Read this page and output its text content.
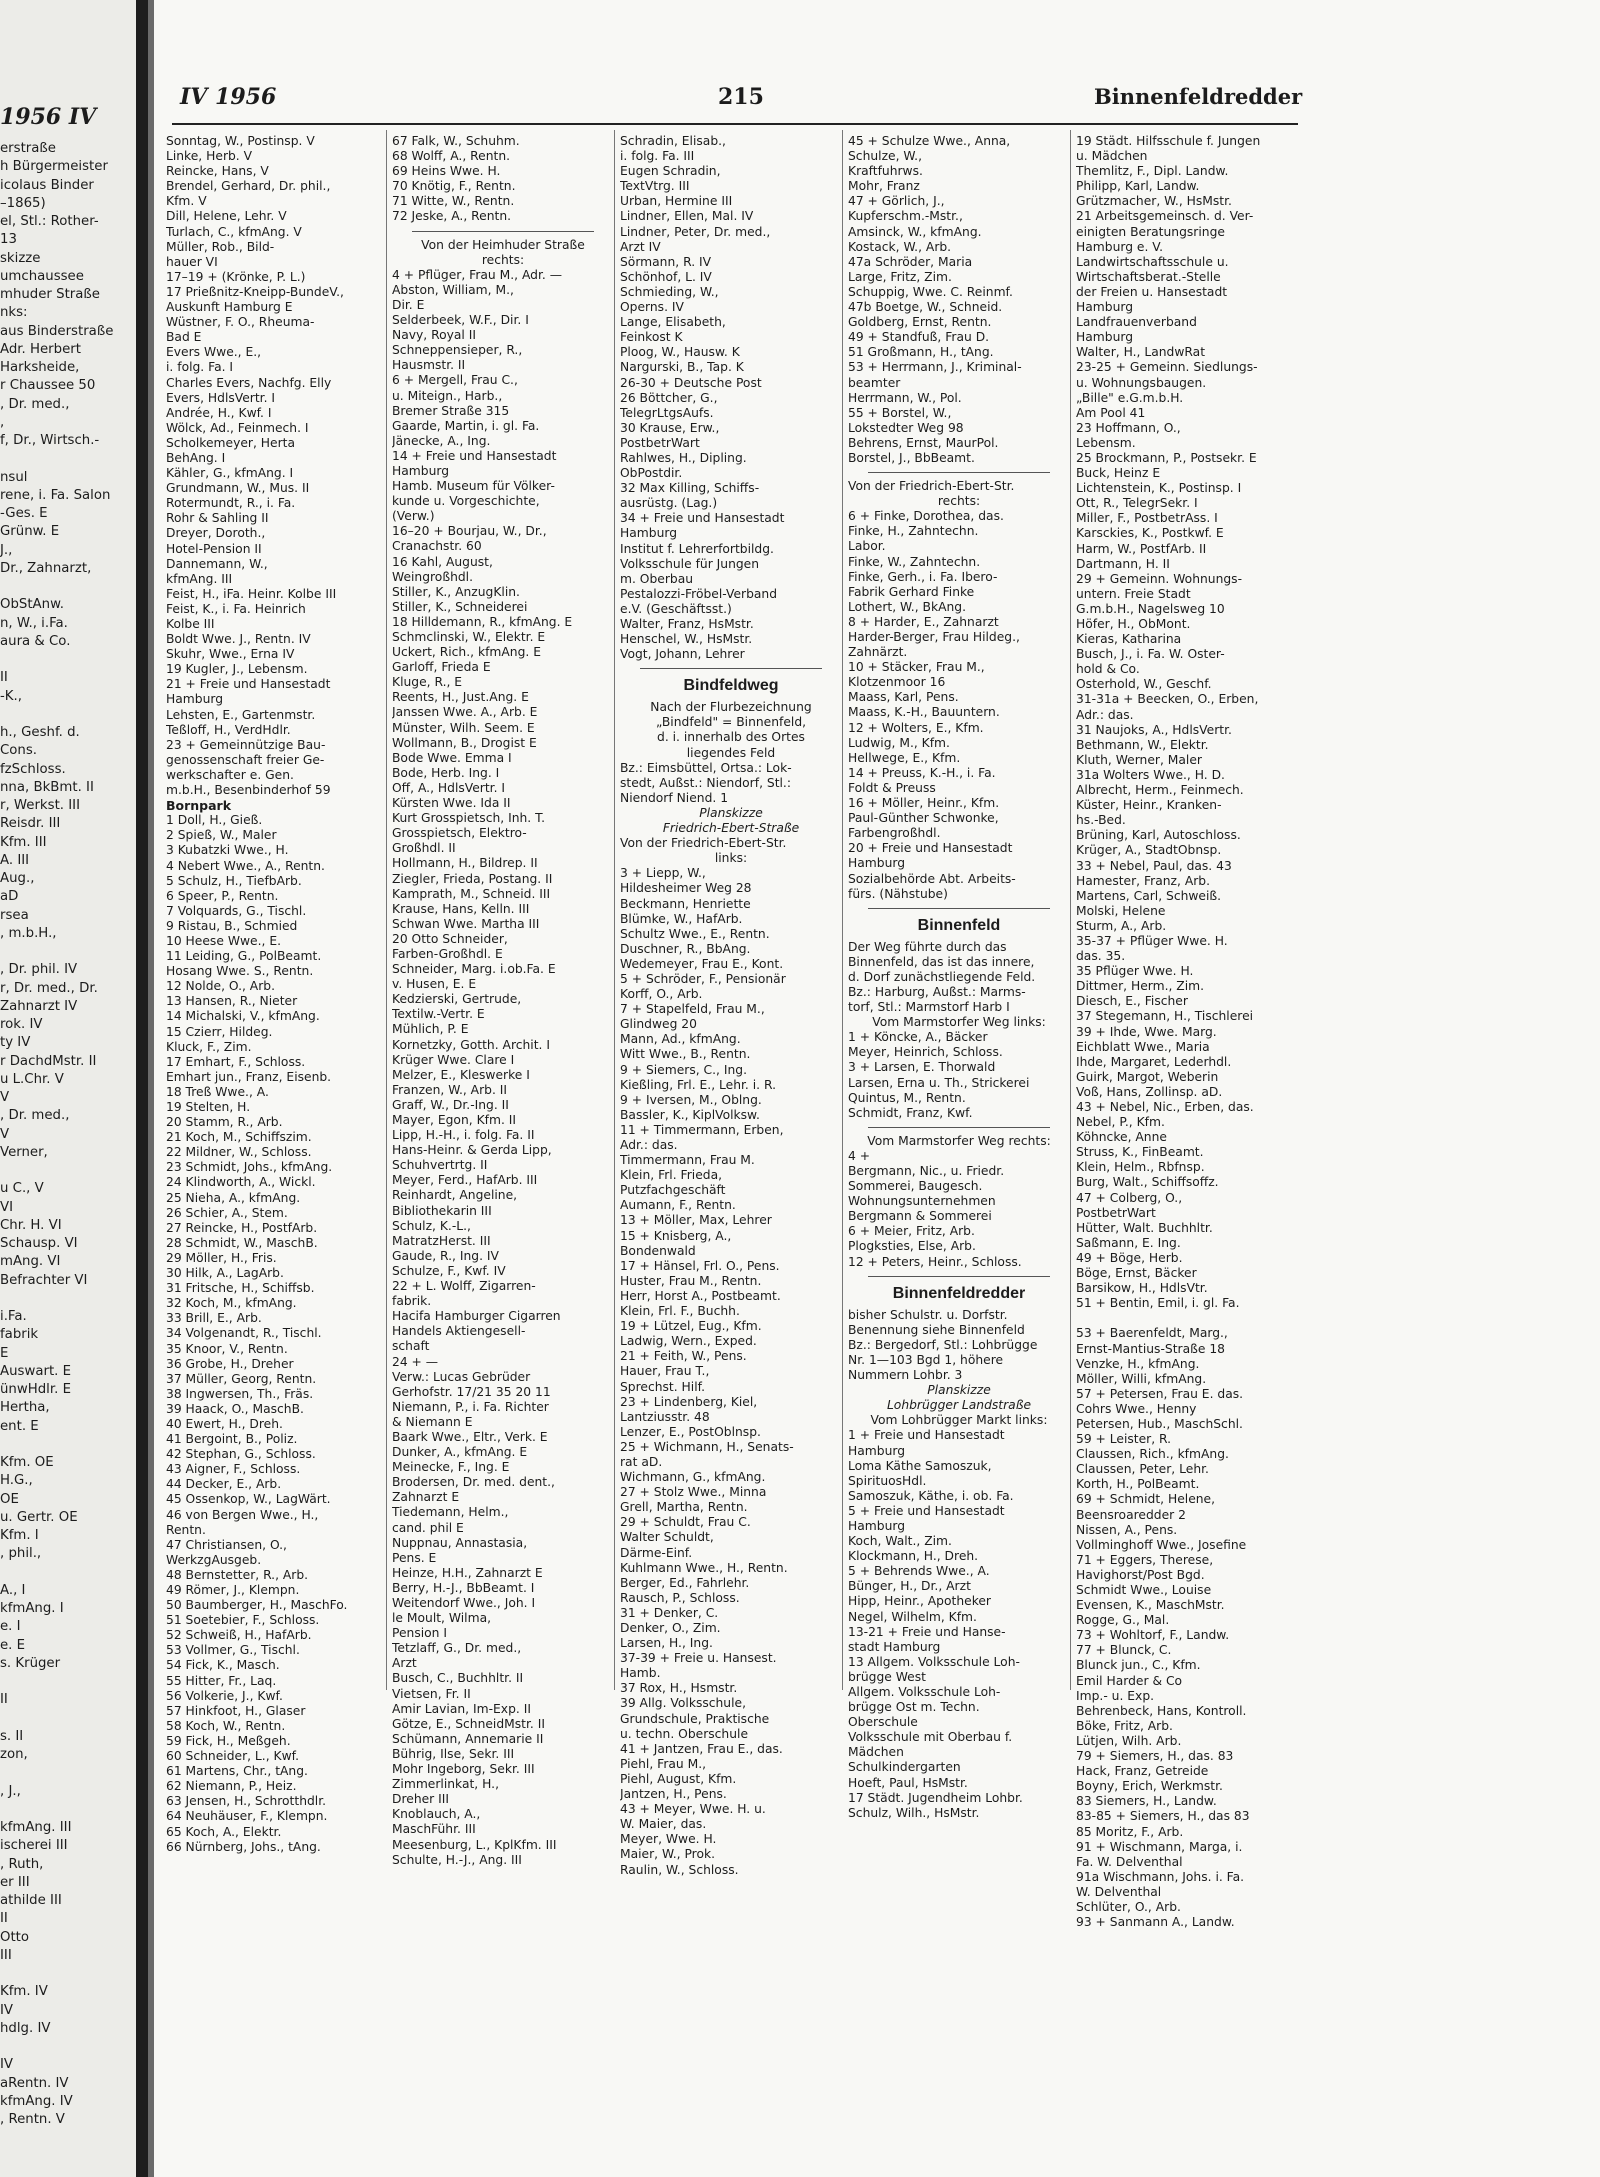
1956 IV
erstraße
h Bürgermeister
icolaus Binder
–1865)
el, Stl.: Rother-
13
skizze
umchaussee
mhuder Straße
nks:
aus Binderstraße
Adr. Herbert
Harksheide,
r Chaussee 50
, Dr. med.,
,
f, Dr., Wirtsch.-
nsul
rene, i. Fa. Salon
-Ges. E
Grünw. E
J.,
Dr., Zahnarzt,
ObStAnw.
n, W., i.Fa.
aura & Co.
II
-K.,
h., Geshf. d.
Cons.
fzSchloss.
nna, BkBmt. II
r, Werkst. III
Reisdr. III
Kfm. III
A. III
Aug.,
aD
rsea
, m.b.H.,
, Dr. phil. IV
r, Dr. med., Dr.
Zahnarzt IV
rok. IV
ty IV
r DachdMstr. II
u L.Chr. V
V
, Dr. med.,
V
Verner,
u C., V
VI
Chr. H. VI
Schausp. VI
mAng. VI
Befrachter VI
i.Fa.
fabrik
E
Auswart. E
ünwHdlr. E
Hertha,
ent. E
Kfm. OE
H.G.,
OE
u. Gertr. OE
Kfm. I
, phil.,
A., I
kfmAng. I
e. I
e. E
s. Krüger
II
s. II
zon,
, J.,
kfmAng. III
ischerei III
, Ruth,
er III
athilde III
II
Otto
III
Kfm. IV
IV
hdlg. IV
IV
aRentn. IV
kfmAng. IV
, Rentn. V
IV 1956	215	Binnenfeldredder
Sonntag, W., Postinsp. V
Linke, Herb. V
Reincke, Hans, V
Brendel, Gerhard, Dr. phil.,
Kfm. V
Dill, Helene, Lehr. V
Turlach, C., kfmAng. V
Müller, Rob., Bild-
hauer VI
17–19 + (Krönke, P. L.)
17 Prießnitz-Kneipp-BundeV.,
Auskunft Hamburg E
Wüstner, F. O., Rheuma-
Bad E
Evers Wwe., E.,
i. folg. Fa. I
Charles Evers, Nachfg. Elly
Evers, HdlsVertr. I
Andrée, H., Kwf. I
Wölck, Ad., Feinmech. I
Scholkemeyer, Herta
BehAng. I
Kähler, G., kfmAng. I
Grundmann, W., Mus. II
Rotermundt, R., i. Fa.
Rohr & Sahling II
Dreyer, Doroth.,
Hotel-Pension II
Dannemann, W.,
kfmAng. III
Feist, H., iFa. Heinr. Kolbe III
Feist, K., i. Fa. Heinrich
Kolbe III
Boldt Wwe. J., Rentn. IV
Skuhr, Wwe., Erna IV
19 Kugler, J., Lebensm.
21 + Freie und Hansestadt
Hamburg
Lehsten, E., Gartenmstr.
Teßloff, H., VerdHdlr.
23 + Gemeinnützige Bau-
genossenschaft freier Ge-
werkschafter e. Gen.
m.b.H., Besenbinderhof 59
Bornpark
1 Doll, H., Gieß.
2 Spieß, W., Maler
3 Kubatzki Wwe., H.
4 Nebert Wwe., A., Rentn.
5 Schulz, H., TiefbArb.
6 Speer, P., Rentn.
7 Volquards, G., Tischl.
9 Ristau, B., Schmied
10 Heese Wwe., E.
11 Leiding, G., PolBeamt.
Hosang Wwe. S., Rentn.
12 Nolde, O., Arb.
13 Hansen, R., Nieter
14 Michalski, V., kfmAng.
15 Czierr, Hildeg.
Kluck, F., Zim.
17 Emhart, F., Schloss.
Emhart jun., Franz, Eisenb.
18 Treß Wwe., A.
19 Stelten, H.
20 Stamm, R., Arb.
21 Koch, M., Schiffszim.
22 Mildner, W., Schloss.
23 Schmidt, Johs., kfmAng.
24 Klindworth, A., Wickl.
25 Nieha, A., kfmAng.
26 Schier, A., Stem.
27 Reincke, H., PostfArb.
28 Schmidt, W., MaschB.
29 Möller, H., Fris.
30 Hilk, A., LagArb.
31 Fritsche, H., Schiffsb.
32 Koch, M., kfmAng.
33 Brill, E., Arb.
34 Volgenandt, R., Tischl.
35 Knoor, V., Rentn.
36 Grobe, H., Dreher
37 Müller, Georg, Rentn.
38 Ingwersen, Th., Fräs.
39 Haack, O., MaschB.
40 Ewert, H., Dreh.
41 Bergoint, B., Poliz.
42 Stephan, G., Schloss.
43 Aigner, F., Schloss.
44 Decker, E., Arb.
45 Ossenkop, W., LagWärt.
46 von Bergen Wwe., H.,
Rentn.
47 Christiansen, O.,
WerkzgAusgeb.
48 Bernstetter, R., Arb.
49 Römer, J., Klempn.
50 Baumberger, H., MaschFo.
51 Soetebier, F., Schloss.
52 Schweiß, H., HafArb.
53 Vollmer, G., Tischl.
54 Fick, K., Masch.
55 Hitter, Fr., Laq.
56 Volkerie, J., Kwf.
57 Hinkfoot, H., Glaser
58 Koch, W., Rentn.
59 Fick, H., Meßgeh.
60 Schneider, L., Kwf.
61 Martens, Chr., tAng.
62 Niemann, P., Heiz.
63 Jensen, H., Schrotthdlr.
64 Neuhäuser, F., Klempn.
65 Koch, A., Elektr.
66 Nürnberg, Johs., tAng.
67 Falk, W., Schuhm.
68 Wolff, A., Rentn.
69 Heins Wwe. H.
70 Knötig, F., Rentn.
71 Witte, W., Rentn.
72 Jeske, A., Rentn.
Von der Heimhuder Straße
rechts:
4 + Pflüger, Frau M., Adr. —
Abston, William, M.,
Dir. E
Selderbeek, W.F., Dir. I
Navy, Royal II
Schneppensieper, R.,
Hausmstr. II
6 + Mergell, Frau C.,
u. Miteign., Harb.,
Bremer Straße 315
Gaarde, Martin, i. gl. Fa.
Jänecke, A., Ing.
14 + Freie und Hansestadt
Hamburg
Hamb. Museum für Völker-
kunde u. Vorgeschichte,
(Verw.)
16–20 + Bourjau, W., Dr.,
Cranachstr. 60
16 Kahl, August,
Weingroßhdl.
Stiller, K., AnzugKlin.
Stiller, K., Schneiderei
18 Hilldemann, R., kfmAng. E
Schmclinski, W., Elektr. E
Uckert, Rich., kfmAng. E
Garloff, Frieda E
Kluge, R., E
Reents, H., Just.Ang. E
Janssen Wwe. A., Arb. E
Münster, Wilh. Seem. E
Wollmann, B., Drogist E
Bode Wwe. Emma I
Bode, Herb. Ing. I
Off, A., HdlsVertr. I
Kürsten Wwe. Ida II
Kurt Grosspietsch, Inh. T.
Grosspietsch, Elektro-
Großhdl. II
Hollmann, H., Bildrep. II
Ziegler, Frieda, Postang. II
Kamprath, M., Schneid. III
Krause, Hans, Kelln. III
Schwan Wwe. Martha III
20 Otto Schneider,
Farben-Großhdl. E
Schneider, Marg. i.ob.Fa. E
v. Husen, E. E
Kedzierski, Gertrude,
Textilw.-Vertr. E
Mühlich, P. E
Kornetzky, Gotth. Archit. I
Krüger Wwe. Clare I
Melzer, E., Kleswerke I
Franzen, W., Arb. II
Graff, W., Dr.-Ing. II
Mayer, Egon, Kfm. II
Lipp, H.-H., i. folg. Fa. II
Hans-Heinr. & Gerda Lipp,
Schuhvertrtg. II
Meyer, Ferd., HafArb. III
Reinhardt, Angeline,
Bibliothekarin III
Schulz, K.-L.,
MatratzHerst. III
Gaude, R., Ing. IV
Schulze, F., Kwf. IV
22 + L. Wolff, Zigarren-
fabrik.
Hacifa Hamburger Cigarren
Handels Aktiengesell-
schaft
24 + —
Verw.: Lucas Gebrüder
Gerhofstr. 17/21 35 20 11
Niemann, P., i. Fa. Richter
& Niemann E
Baark Wwe., Eltr., Verk. E
Dunker, A., kfmAng. E
Meinecke, F., Ing. E
Brodersen, Dr. med. dent.,
Zahnarzt E
Tiedemann, Helm.,
cand. phil E
Nuppnau, Annastasia,
Pens. E
Heinze, H.H., Zahnarzt E
Berry, H.-J., BbBeamt. I
Weitendorf Wwe., Joh. I
le Moult, Wilma,
Pension I
Tetzlaff, G., Dr. med.,
Arzt
Busch, C., Buchhltr. II
Vietsen, Fr. II
Amir Lavian, Im-Exp. II
Götze, E., SchneidMstr. II
Schümann, Annemarie II
Bührig, Ilse, Sekr. III
Mohr Ingeborg, Sekr. III
Zimmerlinkat, H.,
Dreher III
Knoblauch, A.,
MaschFühr. III
Meesenburg, L., KplKfm. III
Schulte, H.-J., Ang. III
Schradin, Elisab.,
i. folg. Fa. III
Eugen Schradin,
TextVtrg. III
Urban, Hermine III
Lindner, Ellen, Mal. IV
Lindner, Peter, Dr. med.,
Arzt IV
Sörmann, R. IV
Schönhof, L. IV
Schmieding, W.,
Operns. IV
Lange, Elisabeth,
Feinkost K
Ploog, W., Hausw. K
Nargurski, B., Tap. K
26-30 + Deutsche Post
26 Böttcher, G.,
TelegrLtgsAufs.
30 Krause, Erw.,
PostbetrWart
Rahlwes, H., Dipling.
ObPostdir.
32 Max Killing, Schiffs-
ausrüstg. (Lag.)
34 + Freie und Hansestadt
Hamburg
Institut f. Lehrerfortbildg.
Volksschule für Jungen
m. Oberbau
Pestalozzi-Fröbel-Verband
e.V. (Geschäftsst.)
Walter, Franz, HsMstr.
Henschel, W., HsMstr.
Vogt, Johann, Lehrer
Bindfeldweg
Nach der Flurbezeichnung
„Bindfeld" = Binnenfeld,
d. i. innerhalb des Ortes
liegendes Feld
Bz.: Eimsbüttel, Ortsa.: Lok-
stedt, Außst.: Niendorf, Stl.:
Niendorf Niend. 1
Planskizze
Friedrich-Ebert-Straße
Von der Friedrich-Ebert-Str.
links:
3 + Liepp, W.,
Hildesheimer Weg 28
Beckmann, Henriette
Blümke, W., HafArb.
Schultz Wwe., E., Rentn.
Duschner, R., BbAng.
Wedemeyer, Frau E., Kont.
5 + Schröder, F., Pensionär
Korff, O., Arb.
7 + Stapelfeld, Frau M.,
Glindweg 20
Mann, Ad., kfmAng.
Witt Wwe., B., Rentn.
9 + Siemers, C., Ing.
Kießling, Frl. E., Lehr. i. R.
9 + Iversen, M., Oblng.
Bassler, K., KiplVolksw.
11 + Timmermann, Erben,
Adr.: das.
Timmermann, Frau M.
Klein, Frl. Frieda,
Putzfachgeschäft
Aumann, F., Rentn.
13 + Möller, Max, Lehrer
15 + Knisberg, A.,
Bondenwald
17 + Hänsel, Frl. O., Pens.
Huster, Frau M., Rentn.
Herr, Horst A., Postbeamt.
Klein, Frl. F., Buchh.
19 + Lützel, Eug., Kfm.
Ladwig, Wern., Exped.
21 + Feith, W., Pens.
Hauer, Frau T.,
Sprechst. Hilf.
23 + Lindenberg, Kiel,
Lantziusstr. 48
Lenzer, E., PostOblnsp.
25 + Wichmann, H., Senats-
rat aD.
Wichmann, G., kfmAng.
27 + Stolz Wwe., Minna
Grell, Martha, Rentn.
29 + Schuldt, Frau C.
Walter Schuldt,
Därme-Einf.
Kuhlmann Wwe., H., Rentn.
Berger, Ed., Fahrlehr.
Rausch, P., Schloss.
31 + Denker, C.
Denker, O., Zim.
Larsen, H., Ing.
37-39 + Freie u. Hansest.
Hamb.
37 Rox, H., Hsmstr.
39 Allg. Volksschule,
Grundschule, Praktische
u. techn. Oberschule
41 + Jantzen, Frau E., das.
Piehl, Frau M.,
Piehl, August, Kfm.
Jantzen, H., Pens.
43 + Meyer, Wwe. H. u.
W. Maier, das.
Meyer, Wwe. H.
Maier, W., Prok.
Raulin, W., Schloss.
45 + Schulze Wwe., Anna,
Schulze, W.,
Kraftfuhrws.
Mohr, Franz
47 + Görlich, J.,
Kupferschm.-Mstr.,
Amsinck, W., kfmAng.
Kostack, W., Arb.
47a Schröder, Maria
Large, Fritz, Zim.
Schuppig, Wwe. C. Reinmf.
47b Boetge, W., Schneid.
Goldberg, Ernst, Rentn.
49 + Standfuß, Frau D.
51 Großmann, H., tAng.
53 + Herrmann, J., Kriminal-
beamter
Herrmann, W., Pol.
55 + Borstel, W.,
Lokstedter Weg 98
Behrens, Ernst, MaurPol.
Borstel, J., BbBeamt.
Von der Friedrich-Ebert-Str.
rechts:
6 + Finke, Dorothea, das.
Finke, H., Zahntechn.
Labor.
Finke, W., Zahntechn.
Finke, Gerh., i. Fa. Ibero-
Fabrik Gerhard Finke
Lothert, W., BkAng.
8 + Harder, E., Zahnarzt
Harder-Berger, Frau Hildeg.,
Zahnärzt.
10 + Stäcker, Frau M.,
Klotzenmoor 16
Maass, Karl, Pens.
Maass, K.-H., Bauuntern.
12 + Wolters, E., Kfm.
Ludwig, M., Kfm.
Hellwege, E., Kfm.
14 + Preuss, K.-H., i. Fa.
Foldt & Preuss
16 + Möller, Heinr., Kfm.
Paul-Günther Schwonke,
Farbengroßhdl.
20 + Freie und Hansestadt
Hamburg
Sozialbehörde Abt. Arbeits-
fürs. (Nähstube)
Binnenfeld
Der Weg führte durch das
Binnenfeld, das ist das innere,
d. Dorf zunächstliegende Feld.
Bz.: Harburg, Außst.: Marms-
torf, Stl.: Marmstorf Harb I
Vom Marmstorfer Weg links:
1 + Köncke, A., Bäcker
Meyer, Heinrich, Schloss.
3 + Larsen, E. Thorwald
Larsen, Erna u. Th., Strickerei
Quintus, M., Rentn.
Schmidt, Franz, Kwf.
Vom Marmstorfer Weg rechts:
4 +
Bergmann, Nic., u. Friedr.
Sommerei, Baugesch.
Wohnungsunternehmen
Bergmann & Sommerei
6 + Meier, Fritz, Arb.
Plogksties, Else, Arb.
12 + Peters, Heinr., Schloss.
Binnenfeldredder
bisher Schulstr. u. Dorfstr.
Benennung siehe Binnenfeld
Bz.: Bergedorf, Stl.: Lohbrügge
Nr. 1—103 Bgd 1, höhere
Nummern Lohbr. 3
Planskizze
Lohbrügger Landstraße
Vom Lohbrügger Markt links:
1 + Freie und Hansestadt
Hamburg
Loma Käthe Samoszuk,
SpirituosHdl.
Samoszuk, Käthe, i. ob. Fa.
5 + Freie und Hansestadt
Hamburg
Koch, Walt., Zim.
Klockmann, H., Dreh.
5 + Behrends Wwe., A.
Bünger, H., Dr., Arzt
Hipp, Heinr., Apotheker
Negel, Wilhelm, Kfm.
13-21 + Freie und Hanse-
stadt Hamburg
13 Allgem. Volksschule Loh-
brügge West
Allgem. Volksschule Loh-
brügge Ost m. Techn.
Oberschule
Volksschule mit Oberbau f.
Mädchen
Schulkindergarten
Hoeft, Paul, HsMstr.
17 Städt. Jugendheim Lohbr.
Schulz, Wilh., HsMstr.
19 Städt. Hilfsschule f. Jungen
u. Mädchen
Themlitz, F., Dipl. Landw.
Philipp, Karl, Landw.
Grützmacher, W., HsMstr.
21 Arbeitsgemeinsch. d. Ver-
einigten Beratungsringe
Hamburg e. V.
Landwirtschaftsschule u.
Wirtschaftsberat.-Stelle
der Freien u. Hansestadt
Hamburg
Landfrauenverband
Hamburg
Walter, H., LandwRat
23-25 + Gemeinn. Siedlungs-
u. Wohnungsbaugen.
„Bille" e.G.m.b.H.
Am Pool 41
23 Hoffmann, O.,
Lebensm.
25 Brockmann, P., Postsekr. E
Buck, Heinz E
Lichtenstein, K., Postinsp. I
Ott, R., TelegrSekr. I
Miller, F., PostbetrAss. I
Karsckies, K., Postkwf. E
Harm, W., PostfArb. II
Dartmann, H. II
29 + Gemeinn. Wohnungs-
untern. Freie Stadt
G.m.b.H., Nagelsweg 10
Höfer, H., ObMont.
Kieras, Katharina
Busch, J., i. Fa. W. Oster-
hold & Co.
Osterhold, W., Geschf.
31-31a + Beecken, O., Erben,
Adr.: das.
31 Naujoks, A., HdlsVertr.
Bethmann, W., Elektr.
Kluth, Werner, Maler
31a Wolters Wwe., H. D.
Albrecht, Herm., Feinmech.
Küster, Heinr., Kranken-
hs.-Bed.
Brüning, Karl, Autoschloss.
Krüger, A., StadtObnsp.
33 + Nebel, Paul, das. 43
Hamester, Franz, Arb.
Martens, Carl, Schweiß.
Molski, Helene
Sturm, A., Arb.
35-37 + Pflüger Wwe. H.
das. 35.
35 Pflüger Wwe. H.
Dittmer, Herm., Zim.
Diesch, E., Fischer
37 Stegemann, H., Tischlerei
39 + Ihde, Wwe. Marg.
Eichblatt Wwe., Maria
Ihde, Margaret, Lederhdl.
Guirk, Margot, Weberin
Voß, Hans, Zollinsp. aD.
43 + Nebel, Nic., Erben, das.
Nebel, P., Kfm.
Köhncke, Anne
Struss, K., FinBeamt.
Klein, Helm., Rbfnsp.
Burg, Walt., Schiffsoffz.
47 + Colberg, O.,
PostbetrWart
Hütter, Walt. Buchhltr.
Saßmann, E. Ing.
49 + Böge, Herb.
Böge, Ernst, Bäcker
Barsikow, H., HdlsVtr.
51 + Bentin, Emil, i. gl. Fa.
53 + Baerenfeldt, Marg.,
Ernst-Mantius-Straße 18
Venzke, H., kfmAng.
Möller, Willi, kfmAng.
57 + Petersen, Frau E. das.
Cohrs Wwe., Henny
Petersen, Hub., MaschSchl.
59 + Leister, R.
Claussen, Rich., kfmAng.
Claussen, Peter, Lehr.
Korth, H., PolBeamt.
69 + Schmidt, Helene,
Beensroaredder 2
Nissen, A., Pens.
Vollminghoff Wwe., Josefine
71 + Eggers, Therese,
Havighorst/Post Bgd.
Schmidt Wwe., Louise
Evensen, K., MaschMstr.
Rogge, G., Mal.
73 + Wohltorf, F., Landw.
77 + Blunck, C.
Blunck jun., C., Kfm.
Emil Harder & Co
Imp.- u. Exp.
Behrenbeck, Hans, Kontroll.
Böke, Fritz, Arb.
Lütjen, Wilh. Arb.
79 + Siemers, H., das. 83
Hack, Franz, Getreide
Boyny, Erich, Werkmstr.
83 Siemers, H., Landw.
83-85 + Siemers, H., das 83
85 Moritz, F., Arb.
91 + Wischmann, Marga, i.
Fa. W. Delventhal
91a Wischmann, Johs. i. Fa.
W. Delventhal
Schlüter, O., Arb.
93 + Sanmann A., Landw.
